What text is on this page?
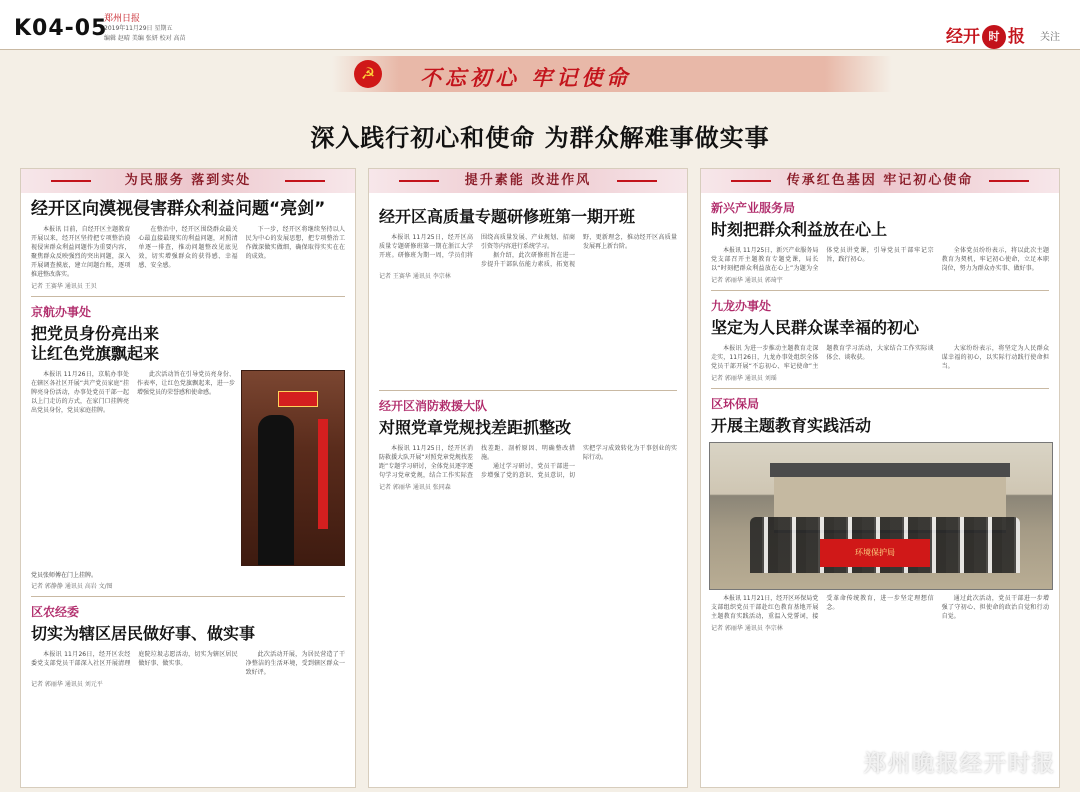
K04-05
郑州日报
2019年11月29日 星期五
编辑 赵晴 美编 张妍 校对 高苗	经开 时 报 关注
☭	不忘初心 牢记使命
深入践行初心和使命 为群众解难事做实事
为民服务 落到实处
经开区向漠视侵害群众利益问题“亮剑”

本报讯 目前，自经开区主题教育开展以来，经开区坚持把专项整治漠视侵害群众利益问题作为重要内容，聚焦群众反映强烈的突出问题，深入开展调查摸底，建立问题台账，逐项推进整改落实。

在整治中，经开区围绕群众最关心最直接最现实的利益问题，对照清单逐一排查，推动问题整改见底见效，切实增强群众的获得感、幸福感、安全感。

下一步，经开区将继续坚持以人民为中心的发展思想，把专项整治工作做深做实做细，确保取得实实在在的成效。

记者 王赛华 通讯员 王贝
京航办事处
把党员身份亮出来
让红色党旗飘起来

本报讯 11月26日，京航办事处在辖区各社区开展“共产党员家庭”挂牌亮身份活动，办事处党员干部一起以上门走访的方式，在家门口挂牌亮出党员身份，党员家庭挂牌。

此次活动旨在引导党员亮身份、作表率，让红色党旗飘起来，进一步增强党员的荣誉感和使命感。

党员张师傅在门上挂牌。
记者 郭静静 通讯员 高岩 文/图
区农经委
切实为辖区居民做好事、做实事

本报讯 11月26日，经开区农经委党支部党员干部深入社区开展清理庭院垃圾志愿活动，切实为辖区居民做好事、做实事。

此次活动开展，为居民营造了干净整洁的生活环境，受到辖区群众一致好评。

记者 郭丽华 通讯员 刘元平
提升素能 改进作风
经开区高质量专题研修班第一期开班

本报讯 11月25日，经开区高质量专题研修班第一期在浙江大学开班。研修班为期一周，学员们将围绕高质量发展、产业规划、招商引资等内容进行系统学习。

据介绍，此次研修班旨在进一步提升干部队伍能力素质，拓宽视野，更新理念，推动经开区高质量发展再上新台阶。

记者 王赛华 通讯员 李宗林
经开区消防救援大队
对照党章党规找差距抓整改

本报讯 11月25日，经开区消防救援大队开展“对照党章党规找差距”专题学习研讨，全体党员逐字逐句学习党章党规，结合工作实际查找差距、剖析原因、明确整改措施。

通过学习研讨，党员干部进一步增强了党的意识、党员意识，切实把学习成效转化为干事创业的实际行动。

记者 郭丽华 通讯员 张同森
传承红色基因 牢记初心使命
新兴产业服务局
时刻把群众利益放在心上

本报讯 11月25日，新兴产业服务局党支部召开主题教育专题党课，局长以“时刻把群众利益放在心上”为题为全体党员讲党课，引导党员干部牢记宗旨，践行初心。

全体党员纷纷表示，将以此次主题教育为契机，牢记初心使命，立足本职岗位，努力为群众办实事、做好事。

记者 郭丽华 通讯员 郭琦宇
九龙办事处
坚定为人民群众谋幸福的初心

本报讯 为进一步推动主题教育走深走实，11月26日，九龙办事处组织全体党员干部开展“不忘初心、牢记使命”主题教育学习活动，大家结合工作实际谈体会、谈收获。

大家纷纷表示，将坚定为人民群众谋幸福的初心，以实际行动践行使命担当。

记者 郭丽华 通讯员 刘瑶
区环保局
开展主题教育实践活动
环境保护局

本报讯 11月21日，经开区环保局党支部组织党员干部赴红色教育基地开展主题教育实践活动，重温入党誓词，接受革命传统教育，进一步坚定理想信念。

通过此次活动，党员干部进一步增强了守初心、担使命的政治自觉和行动自觉。

记者 郭丽华 通讯员 李宗林
郑州晚报经开时报
